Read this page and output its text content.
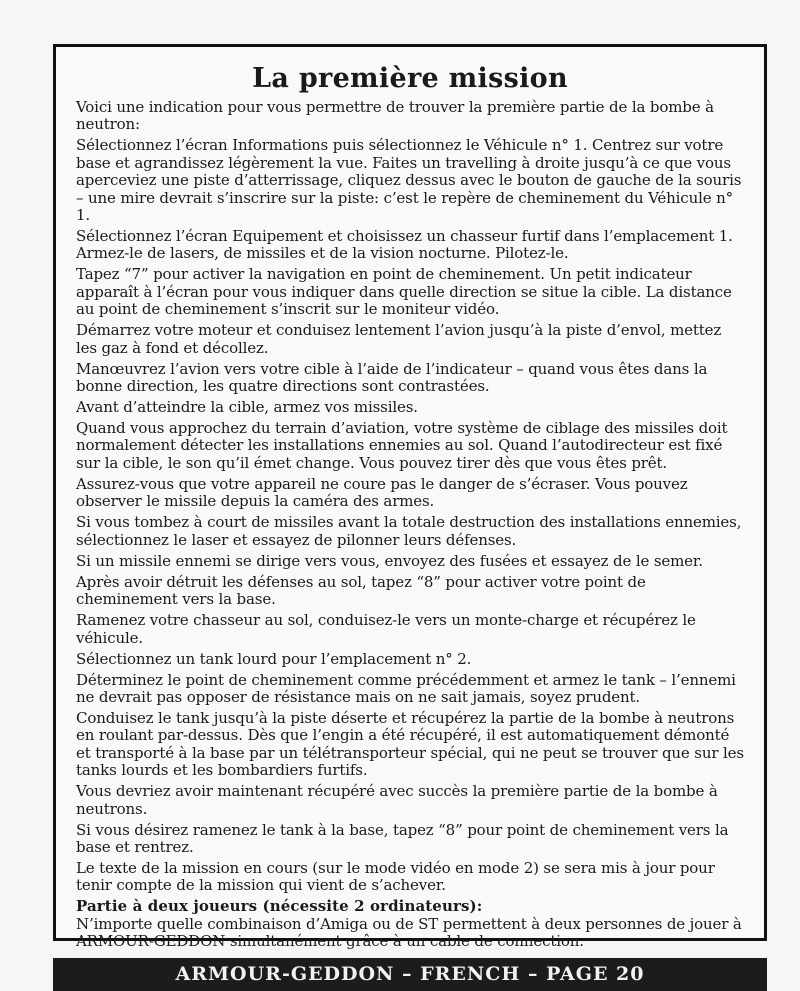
La première mission

Voici une indication pour vous permettre de trouver la première partie de la bombe à neutron:

Sélectionnez l’écran Informations puis sélectionnez le Véhicule n° 1. Centrez sur votre base et agrandissez légèrement la vue. Faites un travelling à droite jusqu’à ce que vous aperceviez une piste d’atterrissage, cliquez dessus avec le bouton de gauche de la souris – une mire devrait s’inscrire sur la piste: c’est le repère de cheminement du Véhicule n° 1.

Sélectionnez l’écran Equipement et choisissez un chasseur furtif dans l’emplacement 1. Armez-le de lasers, de missiles et de la vision nocturne. Pilotez-le.

Tapez “7” pour activer la navigation en point de cheminement. Un petit indicateur apparaît à l’écran pour vous indiquer dans quelle direction se situe la cible. La distance au point de cheminement s’inscrit sur le moniteur vidéo.

Démarrez votre moteur et conduisez lentement l’avion jusqu’à la piste d’envol, mettez les gaz à fond et décollez.

Manœuvrez l’avion vers votre cible à l’aide de l’indicateur – quand vous êtes dans la bonne direction, les quatre directions sont contrastées.

Avant d’atteindre la cible, armez vos missiles.

Quand vous approchez du terrain d’aviation, votre système de ciblage des missiles doit normalement détecter les installations ennemies au sol. Quand l’autodirecteur est fixé sur la cible, le son qu’il émet change. Vous pouvez tirer dès que vous êtes prêt.

Assurez-vous que votre appareil ne coure pas le danger de s’écraser. Vous pouvez observer le missile depuis la caméra des armes.

Si vous tombez à court de missiles avant la totale destruction des installations ennemies, sélectionnez le laser et essayez de pilonner leurs défenses.

Si un missile ennemi se dirige vers vous, envoyez des fusées et essayez de le semer.

Après avoir détruit les défenses au sol, tapez “8” pour activer votre point de cheminement vers la base.

Ramenez votre chasseur au sol, conduisez-le vers un monte-charge et récupérez le véhicule.

Sélectionnez un tank lourd pour l’emplacement n° 2.

Déterminez le point de cheminement comme précédemment et armez le tank – l’ennemi ne devrait pas opposer de résistance mais on ne sait jamais, soyez prudent.

Conduisez le tank jusqu’à la piste déserte et récupérez la partie de la bombe à neutrons en roulant par-dessus. Dès que l’engin a été récupéré, il est automatiquement démonté et transporté à la base par un télétransporteur spécial, qui ne peut se trouver que sur les tanks lourds et les bombardiers furtifs.

Vous devriez avoir maintenant récupéré avec succès la première partie de la bombe à neutrons.

Si vous désirez ramenez le tank à la base, tapez “8” pour point de cheminement vers la base et rentrez.

Le texte de la mission en cours (sur le mode vidéo en mode 2) se sera mis à jour pour tenir compte de la mission qui vient de s’achever.

Partie à deux joueurs (nécessite 2 ordinateurs):

N’importe quelle combinaison d’Amiga ou de ST permettent à deux personnes de jouer à ARMOUR-GEDDON simultanément grâce à un cable de connection.

ARMOUR-GEDDON – FRENCH – PAGE 20
